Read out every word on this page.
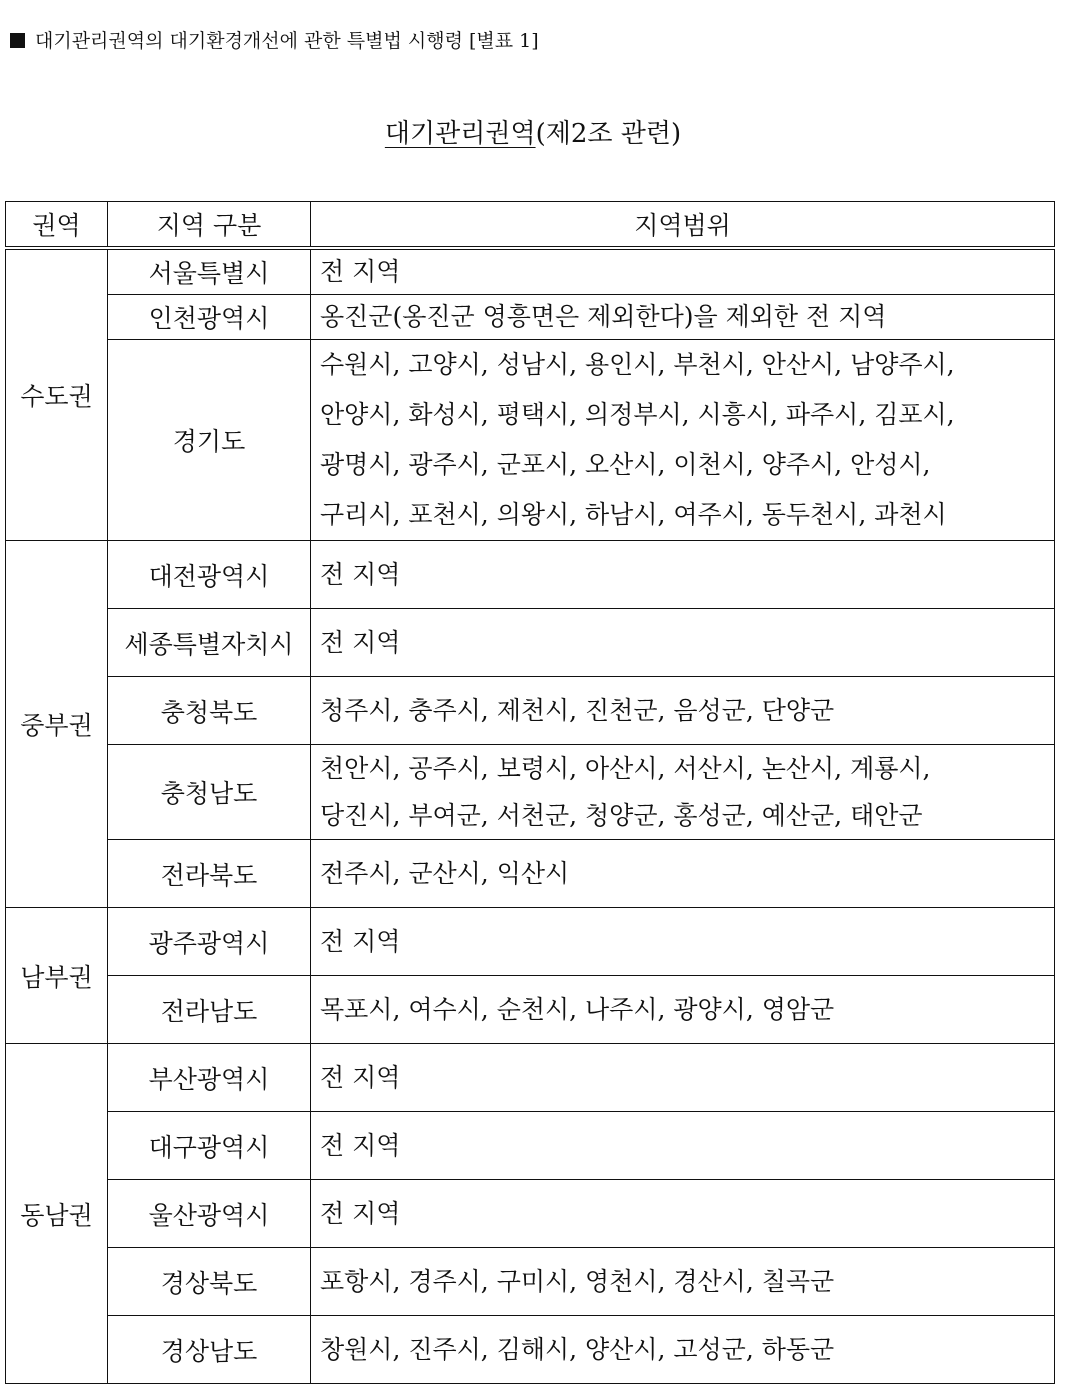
대기관리권역의 대기환경개선에 관한 특별법 시행령 [별표 1]
대기관리권역(제2조 관련)
권역	지역 구분	지역범위
수도권	서울특별시	전 지역

	인천광역시	옹진군(옹진군 영흥면은 제외한다)을 제외한 전 지역

	경기도	수원시, 고양시, 성남시, 용인시, 부천시, 안산시, 남양주시,
안양시, 화성시, 평택시, 의정부시, 시흥시, 파주시, 김포시,
광명시, 광주시, 군포시, 오산시, 이천시, 양주시, 안성시,
구리시, 포천시, 의왕시, 하남시, 여주시, 동두천시, 과천시

중부권	대전광역시	전 지역

	세종특별자치시	전 지역

	충청북도	청주시, 충주시, 제천시, 진천군, 음성군, 단양군

	충청남도	천안시, 공주시, 보령시, 아산시, 서산시, 논산시, 계룡시,
당진시, 부여군, 서천군, 청양군, 홍성군, 예산군, 태안군

	전라북도	전주시, 군산시, 익산시

남부권	광주광역시	전 지역

	전라남도	목포시, 여수시, 순천시, 나주시, 광양시, 영암군

동남권	부산광역시	전 지역

	대구광역시	전 지역

	울산광역시	전 지역

	경상북도	포항시, 경주시, 구미시, 영천시, 경산시, 칠곡군

	경상남도	창원시, 진주시, 김해시, 양산시, 고성군, 하동군
